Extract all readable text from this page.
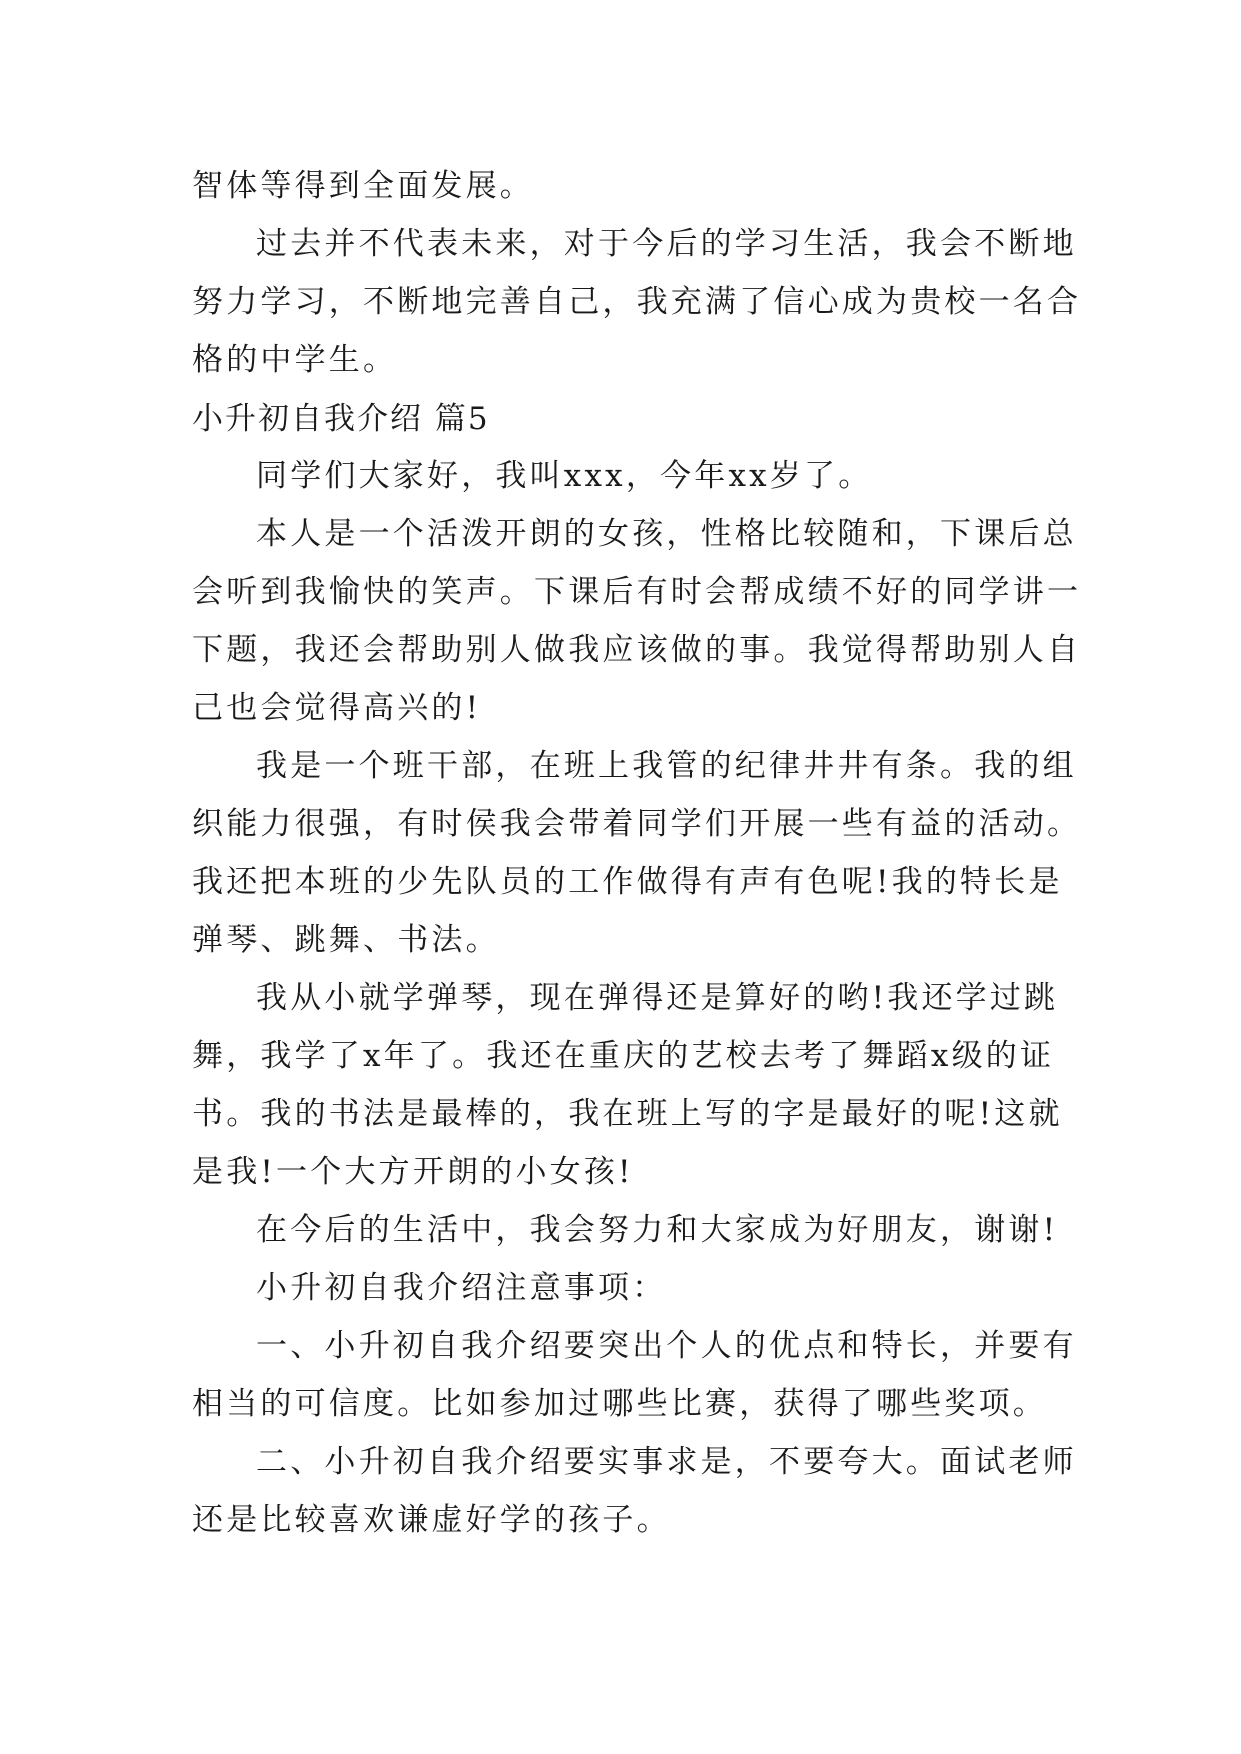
智体等得到全面发展。
过去并不代表未来，对于今后的学习生活，我会不断地
努力学习，不断地完善自己，我充满了信心成为贵校一名合
格的中学生。
小升初自我介绍 篇5
同学们大家好，我叫xxx，今年xx岁了。
本人是一个活泼开朗的女孩，性格比较随和，下课后总
会听到我愉快的笑声。下课后有时会帮成绩不好的同学讲一
下题，我还会帮助别人做我应该做的事。我觉得帮助别人自
己也会觉得高兴的!
我是一个班干部，在班上我管的纪律井井有条。我的组
织能力很强，有时侯我会带着同学们开展一些有益的活动。
我还把本班的少先队员的工作做得有声有色呢!我的特长是
弹琴、跳舞、书法。
我从小就学弹琴，现在弹得还是算好的哟!我还学过跳
舞，我学了x年了。我还在重庆的艺校去考了舞蹈x级的证
书。我的书法是最棒的，我在班上写的字是最好的呢!这就
是我!一个大方开朗的小女孩!
在今后的生活中，我会努力和大家成为好朋友，谢谢!
小升初自我介绍注意事项：
一、小升初自我介绍要突出个人的优点和特长，并要有
相当的可信度。比如参加过哪些比赛，获得了哪些奖项。
二、小升初自我介绍要实事求是，不要夸大。面试老师
还是比较喜欢谦虚好学的孩子。
